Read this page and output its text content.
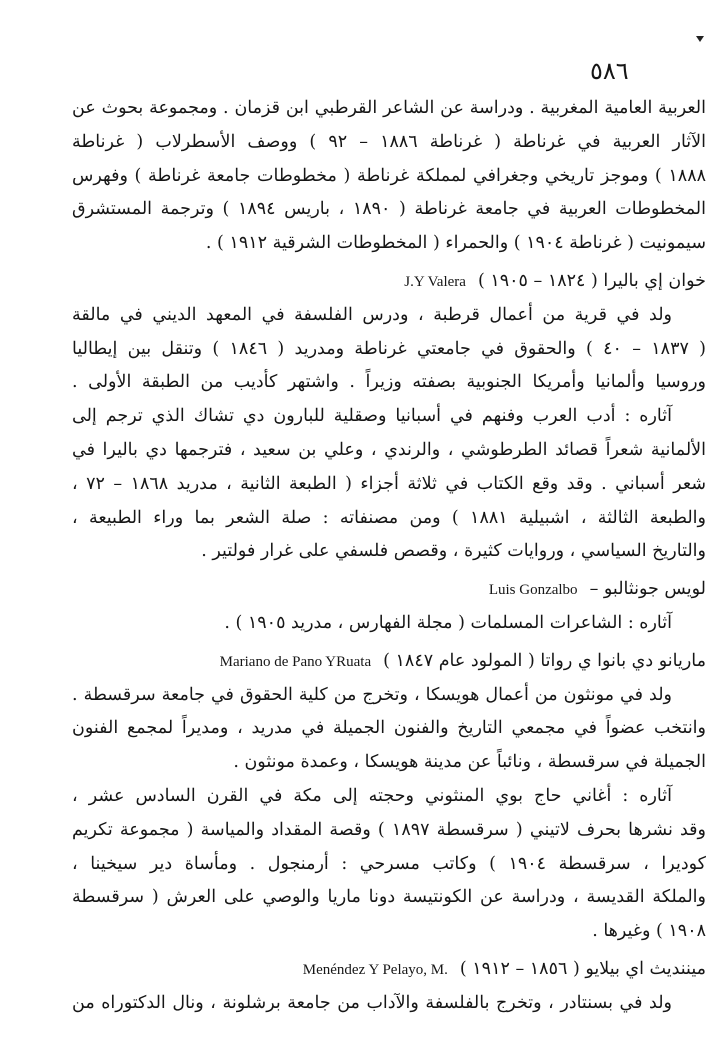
٥٨٦
العربية العامية المغربية . ودراسة عن الشاعر القرطبي ابن قزمان . ومجموعة بحوث عن
الآثار العربية في غرناطة ( غرناطة ١٨٨٦ – ٩٢ ) ووصف الأسطرلاب ( غرناطة
١٨٨٨ ) وموجز تاريخي وجغرافي لمملكة غرناطة ( مخطوطات جامعة غرناطة ) وفهرس
المخطوطات العربية في جامعة غرناطة ( ١٨٩٠ ، باريس ١٨٩٤ ) وترجمة المستشرق
سيمونيت ( غرناطة ١٩٠٤ ) والحمراء ( المخطوطات الشرقية ١٩١٢ ) .
خوان إي باليرا ( ١٨٢٤ – ١٩٠٥ )J.Y Valera
ولد في قرية من أعمال قرطبة ، ودرس الفلسفة في المعهد الديني في مالقة
( ١٨٣٧ – ٤٠ ) والحقوق في جامعتي غرناطة ومدريد ( ١٨٤٦ ) وتنقل بين إيطاليا
وروسيا وألمانيا وأمريكا الجنوبية بصفته وزيراً . واشتهر كأديب من الطبقة الأولى .
آثاره : أدب العرب وفنهم في أسبانيا وصقلية للبارون دي تشاك الذي ترجم إلى
الألمانية شعراً قصائد الطرطوشي ، والرندي ، وعلي بن سعيد ، فترجمها دي باليرا في
شعر أسباني . وقد وقع الكتاب في ثلاثة أجزاء ( الطبعة الثانية ، مدريد ١٨٦٨ – ٧٢ ،
والطبعة الثالثة ، اشبيلية ١٨٨١ ) ومن مصنفاته : صلة الشعر بما وراء الطبيعة ،
والتاريخ السياسي ، وروايات كثيرة ، وقصص فلسفي على غرار فولتير .
لويس جونثالبو –Luis Gonzalbo
آثاره : الشاعرات المسلمات ( مجلة الفهارس ، مدريد ١٩٠٥ ) .
ماريانو دي بانوا ي رواتا ( المولود عام ١٨٤٧ )Mariano de Pano YRuata
ولد في مونثون من أعمال هويسكا ، وتخرج من كلية الحقوق في جامعة سرقسطة .
وانتخب عضواً في مجمعي التاريخ والفنون الجميلة في مدريد ، ومديراً لمجمع الفنون
الجميلة في سرقسطة ، ونائباً عن مدينة هويسكا ، وعمدة مونثون .
آثاره : أغاني حاج بوي المنثوني وحجته إلى مكة في القرن السادس عشر ،
وقد نشرها بحرف لاتيني ( سرقسطة ١٨٩٧ ) وقصة المقداد والمياسة ( مجموعة تكريم
كوديرا ، سرقسطة ١٩٠٤ ) وكاتب مسرحي : أرمنجول . ومأساة دير سيخينا ،
والملكة القديسة ، ودراسة عن الكونتيسة دونا ماريا والوصي على العرش ( سرقسطة
١٩٠٨ ) وغيرها .
ميننديث اي بيلايو ( ١٨٥٦ – ١٩١٢ )Menéndez Y Pelayo, M.
ولد في بسنتادر ، وتخرج بالفلسفة والآداب من جامعة برشلونة ، ونال الدكتوراه من
